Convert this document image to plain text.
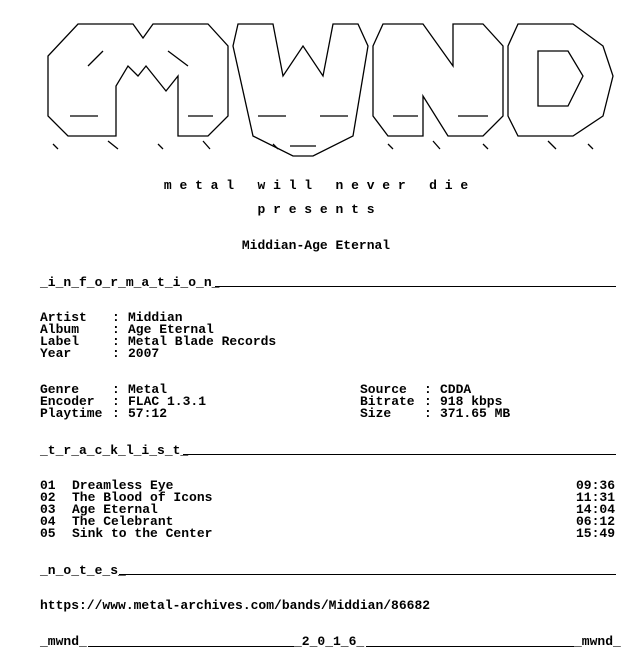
m e t a l   w i l l   n e v e r   d i e
p r e s e n t s
Middian-Age Eternal
_i_n_f_o_r_m_a_t_i_o_n_
Artist : Middian
Album	: Age Eternal
Label	: Metal Blade Records
Year	: 2007
Genre	: Metal
Encoder : FLAC 1.3.1
Playtime : 57:12
Source : CDDA
Bitrate : 918 kbps
Size	: 371.65 MB
_t_r_a_c_k_l_i_s_t_
01 Dreamless Eye	09:36
02 The Blood of Icons	11:31
03 Age Eternal	14:04
04 The Celebrant	06:12
05 Sink to the Center	15:49
_n_o_t_e_s_
https://www.metal-archives.com/bands/Middian/86682
_mwnd_	_2_0_1_6_	_mwnd_
